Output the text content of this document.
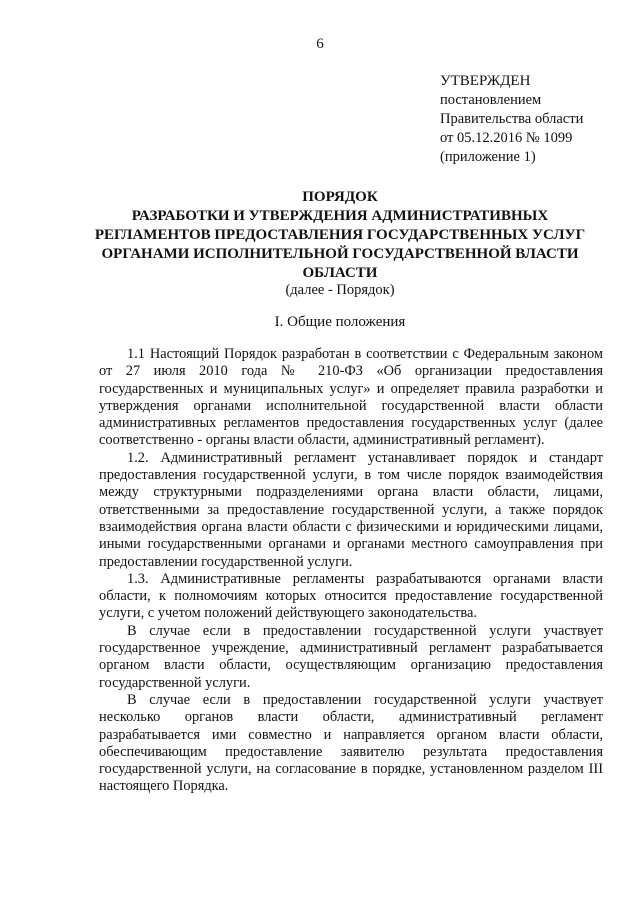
6
УТВЕРЖДЕН
постановлением
Правительства области
от 05.12.2016 № 1099
(приложение 1)
ПОРЯДОК
РАЗРАБОТКИ И УТВЕРЖДЕНИЯ АДМИНИСТРАТИВНЫХ
РЕГЛАМЕНТОВ ПРЕДОСТАВЛЕНИЯ ГОСУДАРСТВЕННЫХ УСЛУГ
ОРГАНАМИ ИСПОЛНИТЕЛЬНОЙ ГОСУДАРСТВЕННОЙ ВЛАСТИ
ОБЛАСТИ
(далее - Порядок)
I. Общие положения

1.1 Настоящий Порядок разработан в соответствии с Федеральным законом от 27 июля 2010 года № 210-ФЗ «Об организации предоставления государственных и муниципальных услуг» и определяет правила разработки и утверждения органами исполнительной государственной власти области административных регламентов предоставления государственных услуг (далее соответственно - органы власти области, административный регламент).

1.2. Административный регламент устанавливает порядок и стандарт предоставления государственной услуги, в том числе порядок взаимодействия между структурными подразделениями органа власти области, лицами, ответственными за предоставление государственной услуги, а также порядок взаимодействия органа власти области с физическими и юридическими лицами, иными государственными органами и органами местного самоуправления при предоставлении государственной услуги.

1.3. Административные регламенты разрабатываются органами власти области, к полномочиям которых относится предоставление государственной услуги, с учетом положений действующего законодательства.

В случае если в предоставлении государственной услуги участвует государственное учреждение, административный регламент разрабатывается органом власти области, осуществляющим организацию предоставления государственной услуги.

В случае если в предоставлении государственной услуги участвует несколько органов власти области, административный регламент разрабатывается ими совместно и направляется органом власти области, обеспечивающим предоставление заявителю результата предоставления государственной услуги, на согласование в порядке, установленном разделом III настоящего Порядка.
